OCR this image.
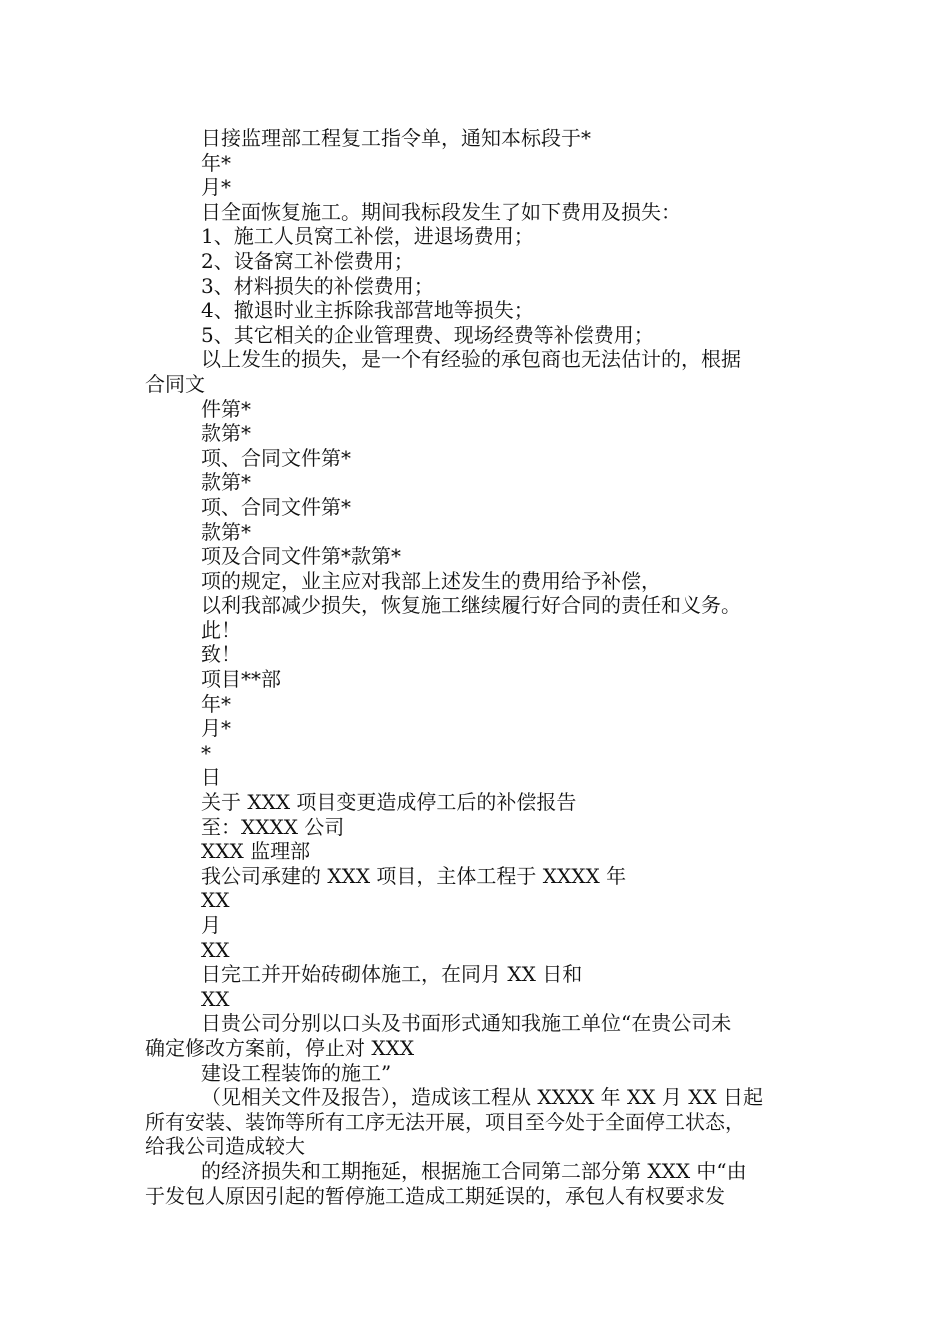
日接监理部工程复工指令单，通知本标段于*

年*

月*

日全面恢复施工。期间我标段发生了如下费用及损失：

1、施工人员窝工补偿，进退场费用；

2、设备窝工补偿费用；

3、材料损失的补偿费用；

4、撤退时业主拆除我部营地等损失；

5、其它相关的企业管理费、现场经费等补偿费用；

以上发生的损失，是一个有经验的承包商也无法估计的，根据

合同文

件第*

款第*

项、合同文件第*

款第*

项、合同文件第*

款第*

项及合同文件第*款第*

项的规定，业主应对我部上述发生的费用给予补偿，

以利我部减少损失，恢复施工继续履行好合同的责任和义务。

此！

致！

项目**部

年*

月*

*

日

关于 XXX 项目变更造成停工后的补偿报告

至：XXXX 公司

XXX 监理部

我公司承建的 XXX 项目，主体工程于 XXXX 年

XX

月

XX

日完工并开始砖砌体施工，在同月 XX 日和

XX

日贵公司分别以口头及书面形式通知我施工单位“在贵公司未

确定修改方案前，停止对 XXX

建设工程装饰的施工”

（见相关文件及报告），造成该工程从 XXXX 年 XX 月 XX 日起

所有安装、装饰等所有工序无法开展，项目至今处于全面停工状态，

给我公司造成较大

的经济损失和工期拖延，根据施工合同第二部分第 XXX 中“由

于发包人原因引起的暂停施工造成工期延误的，承包人有权要求发
